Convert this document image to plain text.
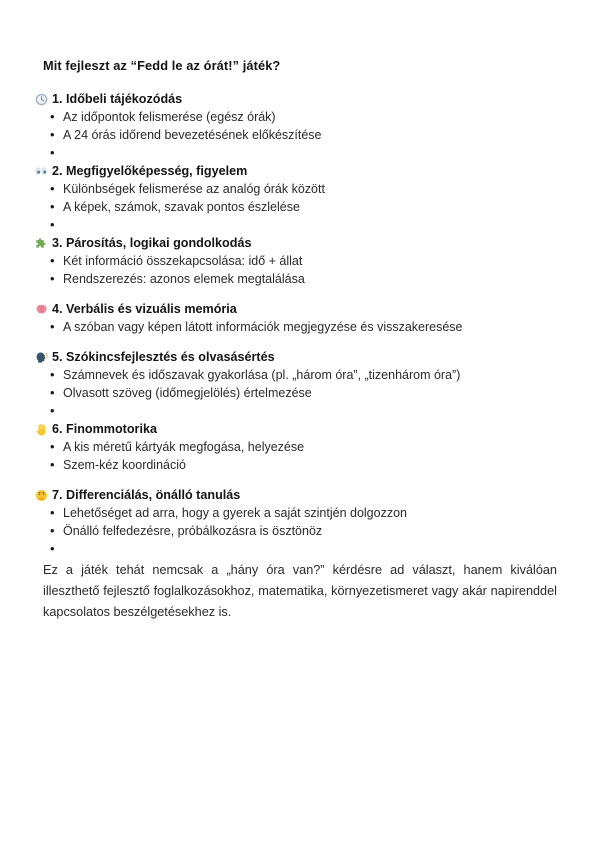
Mit fejleszt az “Fedd le az órát!” játék?
1. Időbeli tájékozódás
• Az időpontok felismerése (egész órák)
• A 24 órás időrend bevezetésének előkészítése
•
2. Megfigyelőképesség, figyelem
• Különbségek felismerése az analóg órák között
• A képek, számok, szavak pontos észlelése
•
3. Párosítás, logikai gondolkodás
• Két információ összekapcsolása: idő + állat
• Rendszerezés: azonos elemek megtalálása
4. Verbális és vizuális memória
• A szóban vagy képen látott információk megjegyzése és visszakeresése
5. Szókincsfejlesztés és olvasásértés
• Számnevek és időszavak gyakorlása (pl. „három óra”, „tizenhárom óra”)
• Olvasott szöveg (időmegjelölés) értelmezése
•
6. Finommotorika
• A kis méretű kártyák megfogása, helyezése
• Szem-kéz koordináció
7. Differenciálás, önálló tanulás
• Lehetőséget ad arra, hogy a gyerek a saját szintjén dolgozzon
• Önálló felfedezésre, próbálkozásra is ösztönöz
•

Ez a játék tehát nemcsak a „hány óra van?” kérdésre ad választ, hanem kiválóan illeszthető fejlesztő foglalkozásokhoz, matematika, környezetismeret vagy akár napirenddel kapcsolatos beszélgetésekhez is.
